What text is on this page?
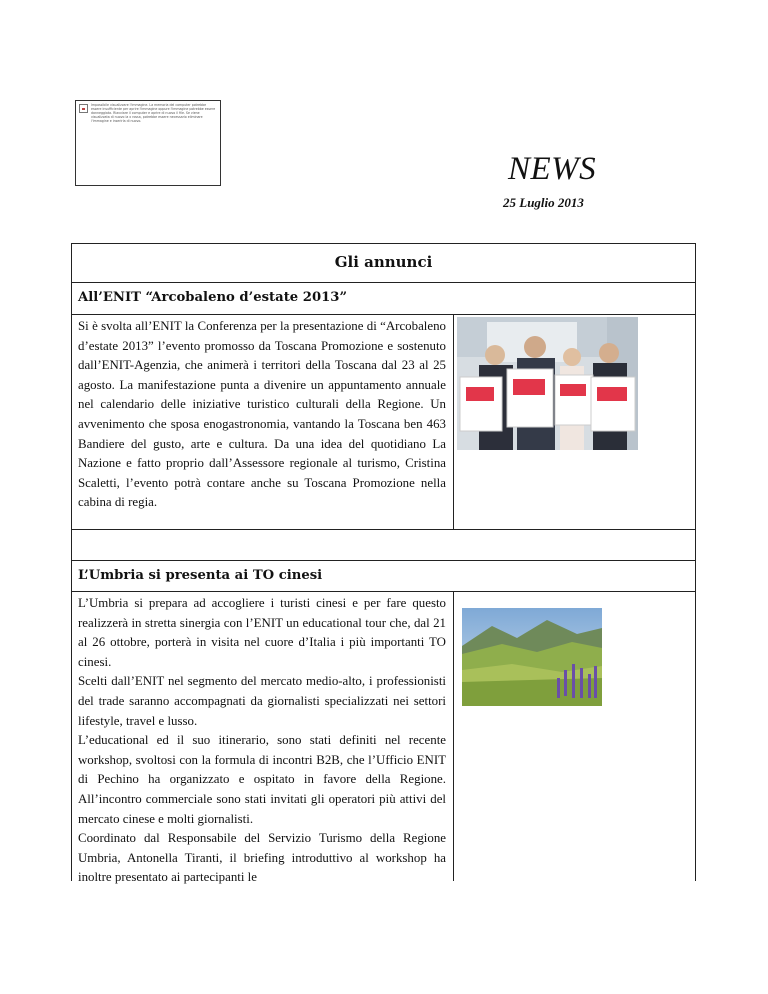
Impossibile visualizzare l'immagine. La memoria del computer potrebbe essere insufficiente per aprire l'immagine oppure l'immagine potrebbe essere danneggiata. Riavviare il computer e aprire di nuovo il file. Se viene visualizzata di nuovo la x rossa, potrebbe essere necessario eliminare l'immagine e inserirla di nuovo.
NEWS
25 Luglio 2013
Gli annunci
All’ENIT “Arcobaleno d’estate 2013”

Si è svolta all’ENIT la Conferenza per la presentazione di “Arcobaleno d’estate 2013” l’evento promosso da Toscana Promozione e sostenuto dall’ENIT-Agenzia, che animerà i territori della Toscana dal 23 al 25 agosto. La manifestazione punta a divenire un appuntamento annuale nel calendario delle iniziative turistico culturali della Regione. Un avvenimento che sposa enogastronomia, vantando la Toscana ben 463 Bandiere del gusto, arte e cultura. Da una idea del quotidiano La Nazione e fatto proprio dall’Assessore regionale al turismo, Cristina Scaletti, l’evento potrà contare anche su Toscana Promozione nella cabina di regia.

L’Umbria si presenta ai TO cinesi

L’Umbria si prepara ad accogliere i turisti cinesi e per fare questo realizzerà in stretta sinergia con l’ENIT un educational tour che, dal 21 al 26 ottobre, porterà in visita nel cuore d’Italia i più importanti TO cinesi.

Scelti dall’ENIT nel segmento del mercato medio-alto, i professionisti del trade saranno accompagnati da giornalisti specializzati nei settori lifestyle, travel e lusso.

L’educational ed il suo itinerario, sono stati definiti nel recente workshop, svoltosi con la formula di incontri B2B, che l’Ufficio ENIT di Pechino ha organizzato e ospitato in favore della Regione. All’incontro commerciale sono stati invitati gli operatori più attivi del mercato cinese e molti giornalisti.

Coordinato dal Responsabile del Servizio Turismo della Regione Umbria, Antonella Tiranti, il briefing introduttivo al workshop ha inoltre presentato ai partecipanti le
